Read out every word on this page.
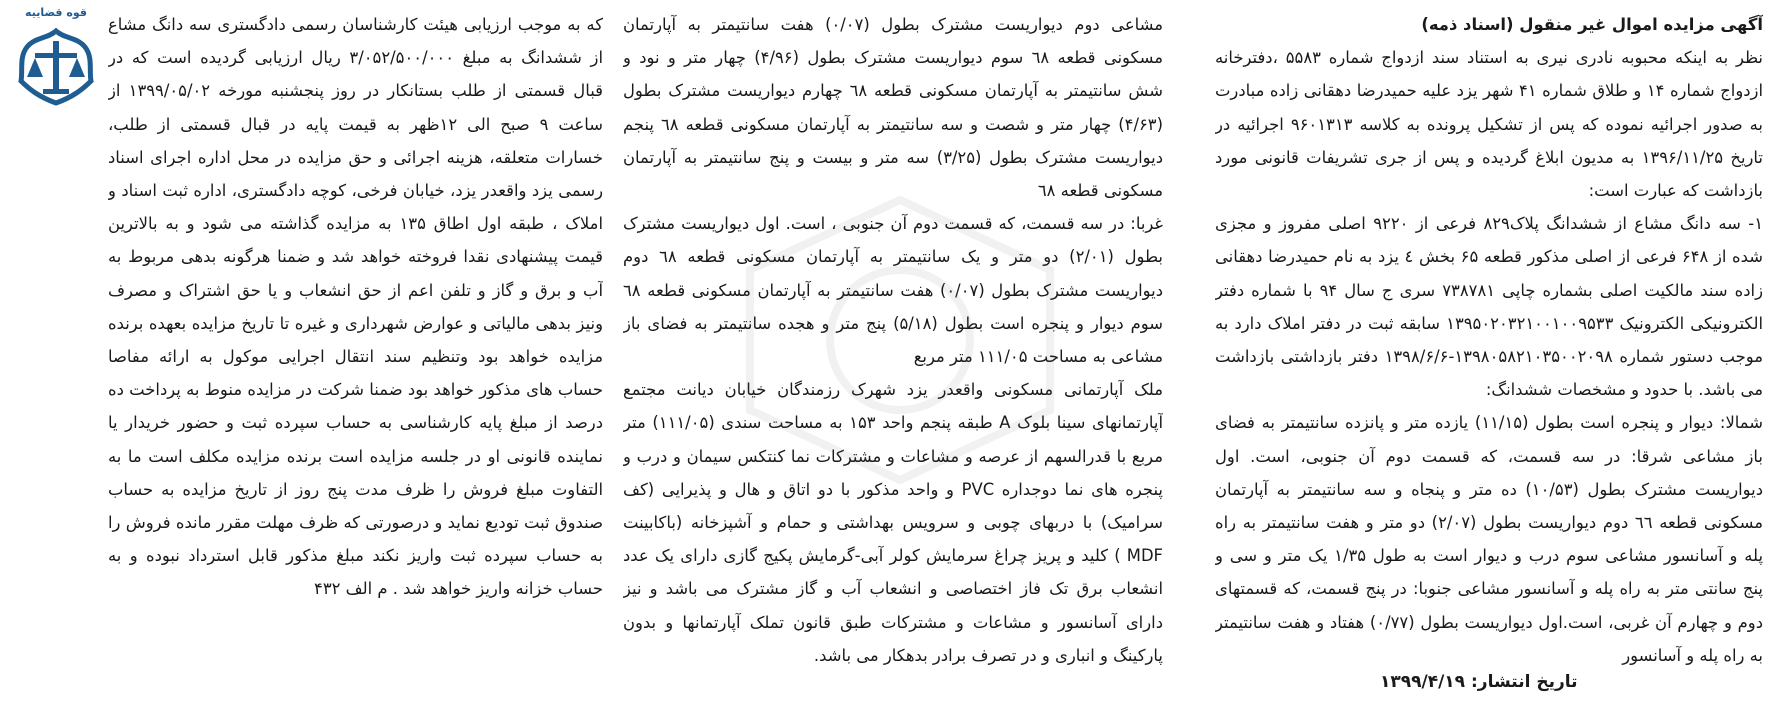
آگهی مزایده اموال غیر منقول (اسناد ذمه)

نظر به اینکه محبوبه نادری نیری به استناد سند ازدواج شماره ۵۵۸۳ ،دفترخانه ازدواج شماره ۱۴ و طلاق شماره ۴۱ شهر یزد علیه حمیدرضا دهقانی زاده مبادرت به صدور اجرائیه نموده که پس از تشکیل پرونده به کلاسه ۹۶۰۱۳۱۳ اجرائیه در تاریخ ۱۳۹۶/۱۱/۲۵ به مدیون ابلاغ گردیده و پس از جری تشریفات قانونی مورد بازداشت که عبارت است:

۱- سه دانگ مشاع از ششدانگ پلاک۸۲۹ فرعی از ۹۲۲۰ اصلی مفروز و مجزی شده از ۶۴۸ فرعی از اصلی مذکور قطعه ۶۵ بخش ٤ یزد به نام حمیدرضا دهقانی زاده سند مالکیت اصلی بشماره چاپی ۷۳۸۷۸۱ سری ج سال ۹۴ با شماره دفتر الکترونیکی الکترونیک ۱۳۹۵۰۲۰۳۲۱۰۰۱۰۰۹۵۳۳ سابقه ثبت در دفتر املاک دارد به موجب دستور شماره ۱۳۹۸۰۵۸۲۱۰۳۵۰۰۲۰۹۸-۱۳۹۸/۶/۶ دفتر بازداشتی بازداشت می باشد. با حدود و مشخصات ششدانگ:

شمالا: دیوار و پنجره است بطول (۱۱/۱۵) یازده متر و پانزده سانتیمتر به فضای باز مشاعی شرقا: در سه قسمت، که قسمت دوم آن جنوبی، است. اول دیواریست مشترک بطول (۱۰/۵۳) ده متر و پنجاه و سه سانتیمتر به آپارتمان مسکونی قطعه ٦٦ دوم دیواریست بطول (۲/۰۷) دو متر و هفت سانتیمتر به راه پله و آسانسور مشاعی سوم درب و دیوار است به طول ۱/۳۵ یک متر و سی و پنج سانتی متر به راه پله و آسانسور مشاعی جنوبا: در پنج قسمت، که قسمتهای دوم و چهارم آن غربی، است.اول دیواریست بطول (۰/۷۷) هفتاد و هفت سانتیمتر به راه پله و آسانسور

مشاعی دوم دیواریست مشترک بطول (۰/۰۷) هفت سانتیمتر به آپارتمان مسکونی قطعه ٦٨ سوم دیواریست مشترک بطول (۴/۹۶) چهار متر و نود و شش سانتیمتر به آپارتمان مسکونی قطعه ٦٨ چهارم دیواریست مشترک بطول (۴/۶۳) چهار متر و شصت و سه سانتیمتر به آپارتمان مسکونی قطعه ٦٨ پنجم دیواریست مشترک بطول (۳/۲۵) سه متر و بیست و پنج سانتیمتر به آپارتمان مسکونی قطعه ٦٨

غربا: در سه قسمت، که قسمت دوم آن جنوبی ، است. اول دیواریست مشترک بطول (۲/۰۱) دو متر و یک سانتیمتر به آپارتمان مسکونی قطعه ٦٨ دوم دیواریست مشترک بطول (۰/۰۷) هفت سانتیمتر به آپارتمان مسکونی قطعه ٦٨ سوم دیوار و پنجره است بطول (۵/۱۸) پنج متر و هجده سانتیمتر به فضای باز مشاعی به مساحت ۱۱۱/۰۵ متر مربع

ملک آپارتمانی مسکونی واقعدر یزد شهرک رزمندگان خیابان دیانت مجتمع آپارتمانهای سینا بلوک A طبقه پنجم واحد ۱۵۳ به مساحت سندی (۱۱۱/۰۵) متر مربع با قدرالسهم از عرصه و مشاعات و مشترکات نما کنتکس سیمان و درب و پنجره های نما دوجداره PVC و واحد مذکور با دو اتاق و هال و پذیرایی (کف سرامیک) با دربهای چوبی و سرویس بهداشتی و حمام و آشپزخانه (باکابینت MDF ) کلید و پریز چراغ سرمایش کولر آبی-گرمایش پکیج گازی دارای یک عدد انشعاب برق تک فاز اختصاصی و انشعاب آب و گاز مشترک می باشد و نیز دارای آسانسور و مشاعات و مشترکات طبق قانون تملک آپارتمانها و بدون پارکینگ و انباری و در تصرف برادر بدهکار می باشد.

که به موجب ارزیابی هیئت کارشناسان رسمی دادگستری سه دانگ مشاع از ششدانگ به مبلغ ۳/۰۵۲/۵۰۰/۰۰۰ ریال ارزیابی گردیده است که در قبال قسمتی از طلب بستانکار در روز پنجشنبه مورخه ۱۳۹۹/۰۵/۰۲ از ساعت ۹ صبح الی ۱۲ظهر به قیمت پایه در قبال قسمتی از طلب، خسارات متعلقه، هزینه اجرائی و حق مزایده در محل اداره اجرای اسناد رسمی یزد واقعدر یزد، خیابان فرخی، کوچه دادگستری، اداره ثبت اسناد و املاک ، طبقه اول اطاق ۱۳۵ به مزایده گذاشته می شود و به بالاترین قیمت پیشنهادی نقدا فروخته خواهد شد و ضمنا هرگونه بدهی مربوط به آب و برق و گاز و تلفن اعم از حق انشعاب و یا حق اشتراک و مصرف ونیز بدهی مالیاتی و عوارض شهرداری و غیره تا تاریخ مزایده بعهده برنده مزایده خواهد بود وتنظیم سند انتقال اجرایی موکول به ارائه مفاصا حساب های مذکور خواهد بود ضمنا شرکت در مزایده منوط به پرداخت ده درصد از مبلغ پایه کارشناسی به حساب سپرده ثبت و حضور خریدار یا نماینده قانونی او در جلسه مزایده است برنده مزایده مکلف است ما به التفاوت مبلغ فروش را ظرف مدت پنج روز از تاریخ مزایده به حساب صندوق ثبت تودیع نماید و درصورتی که ظرف مهلت مقرر مانده فروش را به حساب سپرده ثبت واریز نکند مبلغ مذکور قابل استرداد نبوده و به حساب خزانه واریز خواهد شد . م الف ۴۳۲

تاریخ انتشار: ۱۳۹۹/۴/۱۹
قوه قضاییه
